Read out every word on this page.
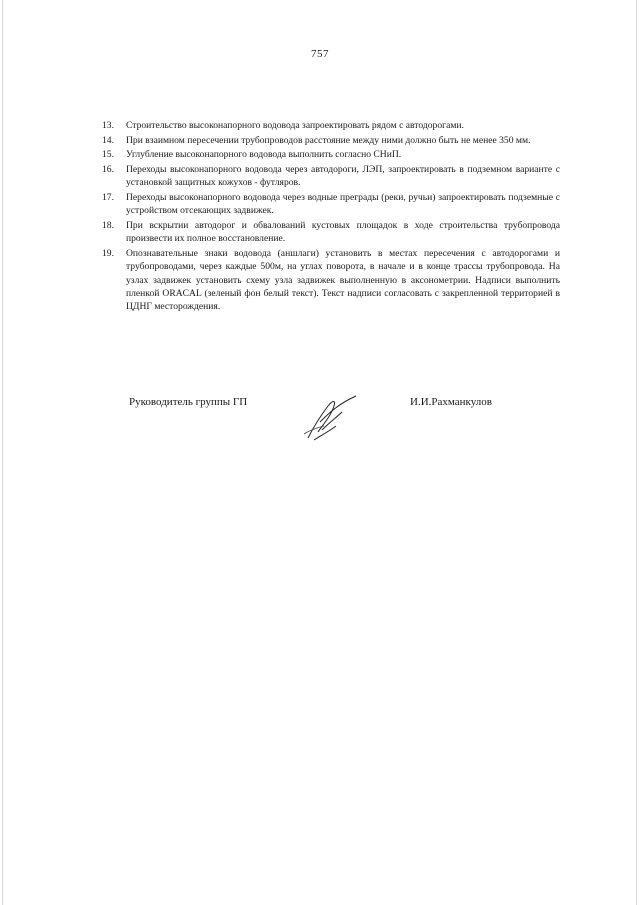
757
13.	Строительство высоконапорного водовода запроектировать рядом с автодорогами.
14.	При взаимном пересечении трубопроводов расстояние между ними должно быть не менее 350 мм.
15.	Углубление высоконапорного водовода выполнить согласно СНиП.
16.	Переходы высоконапорного водовода через автодороги, ЛЭП, запроектировать в подземном варианте с установкой защитных кожухов - футляров.
17.	Переходы высоконапорного водовода через водные преграды (реки, ручьи) запроектировать подземные с устройством отсекающих задвижек.
18.	При вскрытии автодорог и обвалований кустовых площадок в ходе строительства трубопровода произвести их полное восстановление.
19.	Опознавательные знаки водовода (аншлаги) установить в местах пересечения с автодорогами и трубопроводами, через каждые 500м, на углах поворота, в начале и в конце трассы трубопровода. На узлах задвижек установить схему узла задвижек выполненную в аксонометрии. Надписи выполнить пленкой ORACAL (зеленый фон белый текст). Текст надписи согласовать с закрепленной территорией в ЦДНГ месторождения.
Руководитель группы ГП	И.И.Рахманкулов
